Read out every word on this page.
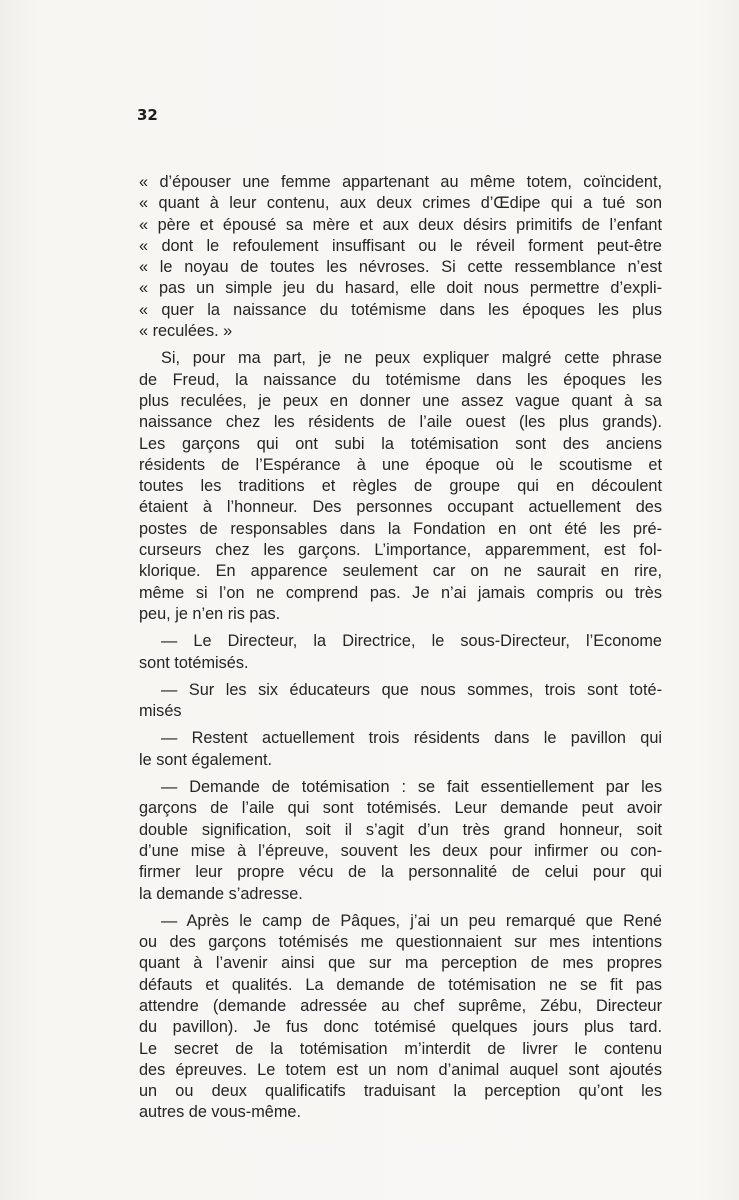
32
« d’épouser une femme appartenant au même totem, coïncident,
« quant à leur contenu, aux deux crimes d’Œdipe qui a tué son
« père et épousé sa mère et aux deux désirs primitifs de l’enfant
« dont le refoulement insuffisant ou le réveil forment peut-être
« le noyau de toutes les névroses. Si cette ressemblance n’est
« pas un simple jeu du hasard, elle doit nous permettre d’expli-
« quer la naissance du totémisme dans les époques les plus
« reculées. »
Si, pour ma part, je ne peux expliquer malgré cette phrase
de Freud, la naissance du totémisme dans les époques les
plus reculées, je peux en donner une assez vague quant à sa
naissance chez les résidents de l’aile ouest (les plus grands).
Les garçons qui ont subi la totémisation sont des anciens
résidents de l’Espérance à une époque où le scoutisme et
toutes les traditions et règles de groupe qui en découlent
étaient à l’honneur. Des personnes occupant actuellement des
postes de responsables dans la Fondation en ont été les pré-
curseurs chez les garçons. L’importance, apparemment, est fol-
klorique. En apparence seulement car on ne saurait en rire,
même si l’on ne comprend pas. Je n’ai jamais compris ou très
peu, je n’en ris pas.
— Le Directeur, la Directrice, le sous-Directeur, l’Econome
sont totémisés.
— Sur les six éducateurs que nous sommes, trois sont toté-
misés
— Restent actuellement trois résidents dans le pavillon qui
le sont également.
— Demande de totémisation : se fait essentiellement par les
garçons de l’aile qui sont totémisés. Leur demande peut avoir
double signification, soit il s’agit d’un très grand honneur, soit
d’une mise à l’épreuve, souvent les deux pour infirmer ou con-
firmer leur propre vécu de la personnalité de celui pour qui
la demande s’adresse.
— Après le camp de Pâques, j’ai un peu remarqué que René
ou des garçons totémisés me questionnaient sur mes intentions
quant à l’avenir ainsi que sur ma perception de mes propres
défauts et qualités. La demande de totémisation ne se fit pas
attendre (demande adressée au chef suprême, Zébu, Directeur
du pavillon). Je fus donc totémisé quelques jours plus tard.
Le secret de la totémisation m’interdit de livrer le contenu
des épreuves. Le totem est un nom d’animal auquel sont ajoutés
un ou deux qualificatifs traduisant la perception qu’ont les
autres de vous-même.
